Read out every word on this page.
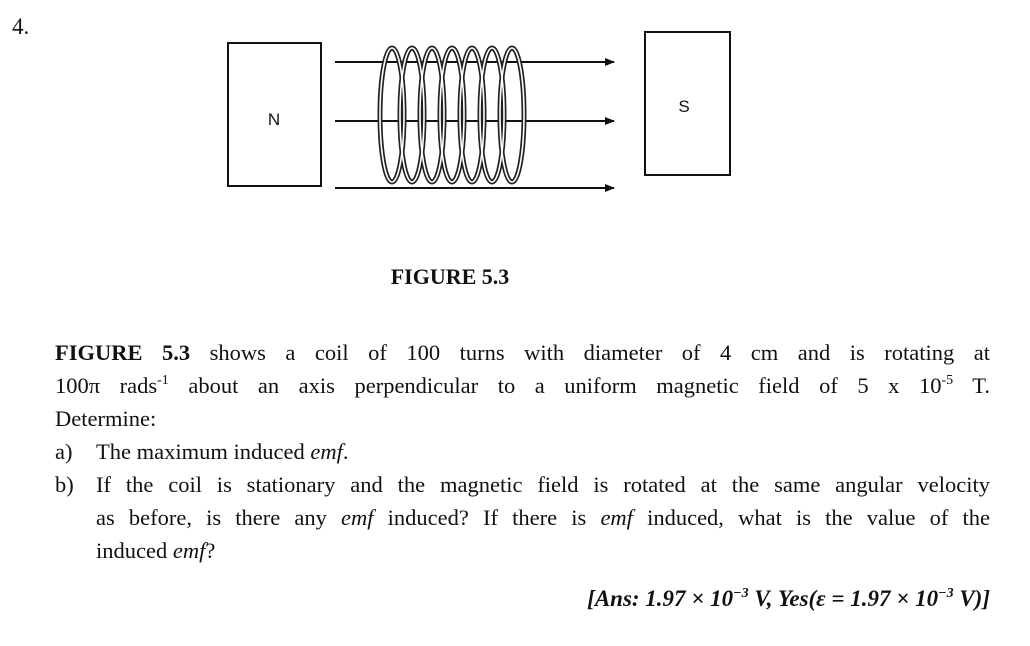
4.
N
S
FIGURE 5.3

FIGURE 5.3 shows a coil of 100 turns with diameter of 4 cm and is rotating at

100π rads$^{-1}$ about an axis perpendicular to a uniform magnetic field of 5 x $10^{-5}$ T.

Determine:

a) The maximum induced emf.
b) If the coil is stationary and the magnetic field is rotated at the same angular velocity
as before, is there any emf induced? If there is emf induced, what is the value of the
induced emf?
[Ans: $1.97 \times 10^{-3}$ V, $Yes(\varepsilon = 1.97 \times 10^{-3}$ V)]
